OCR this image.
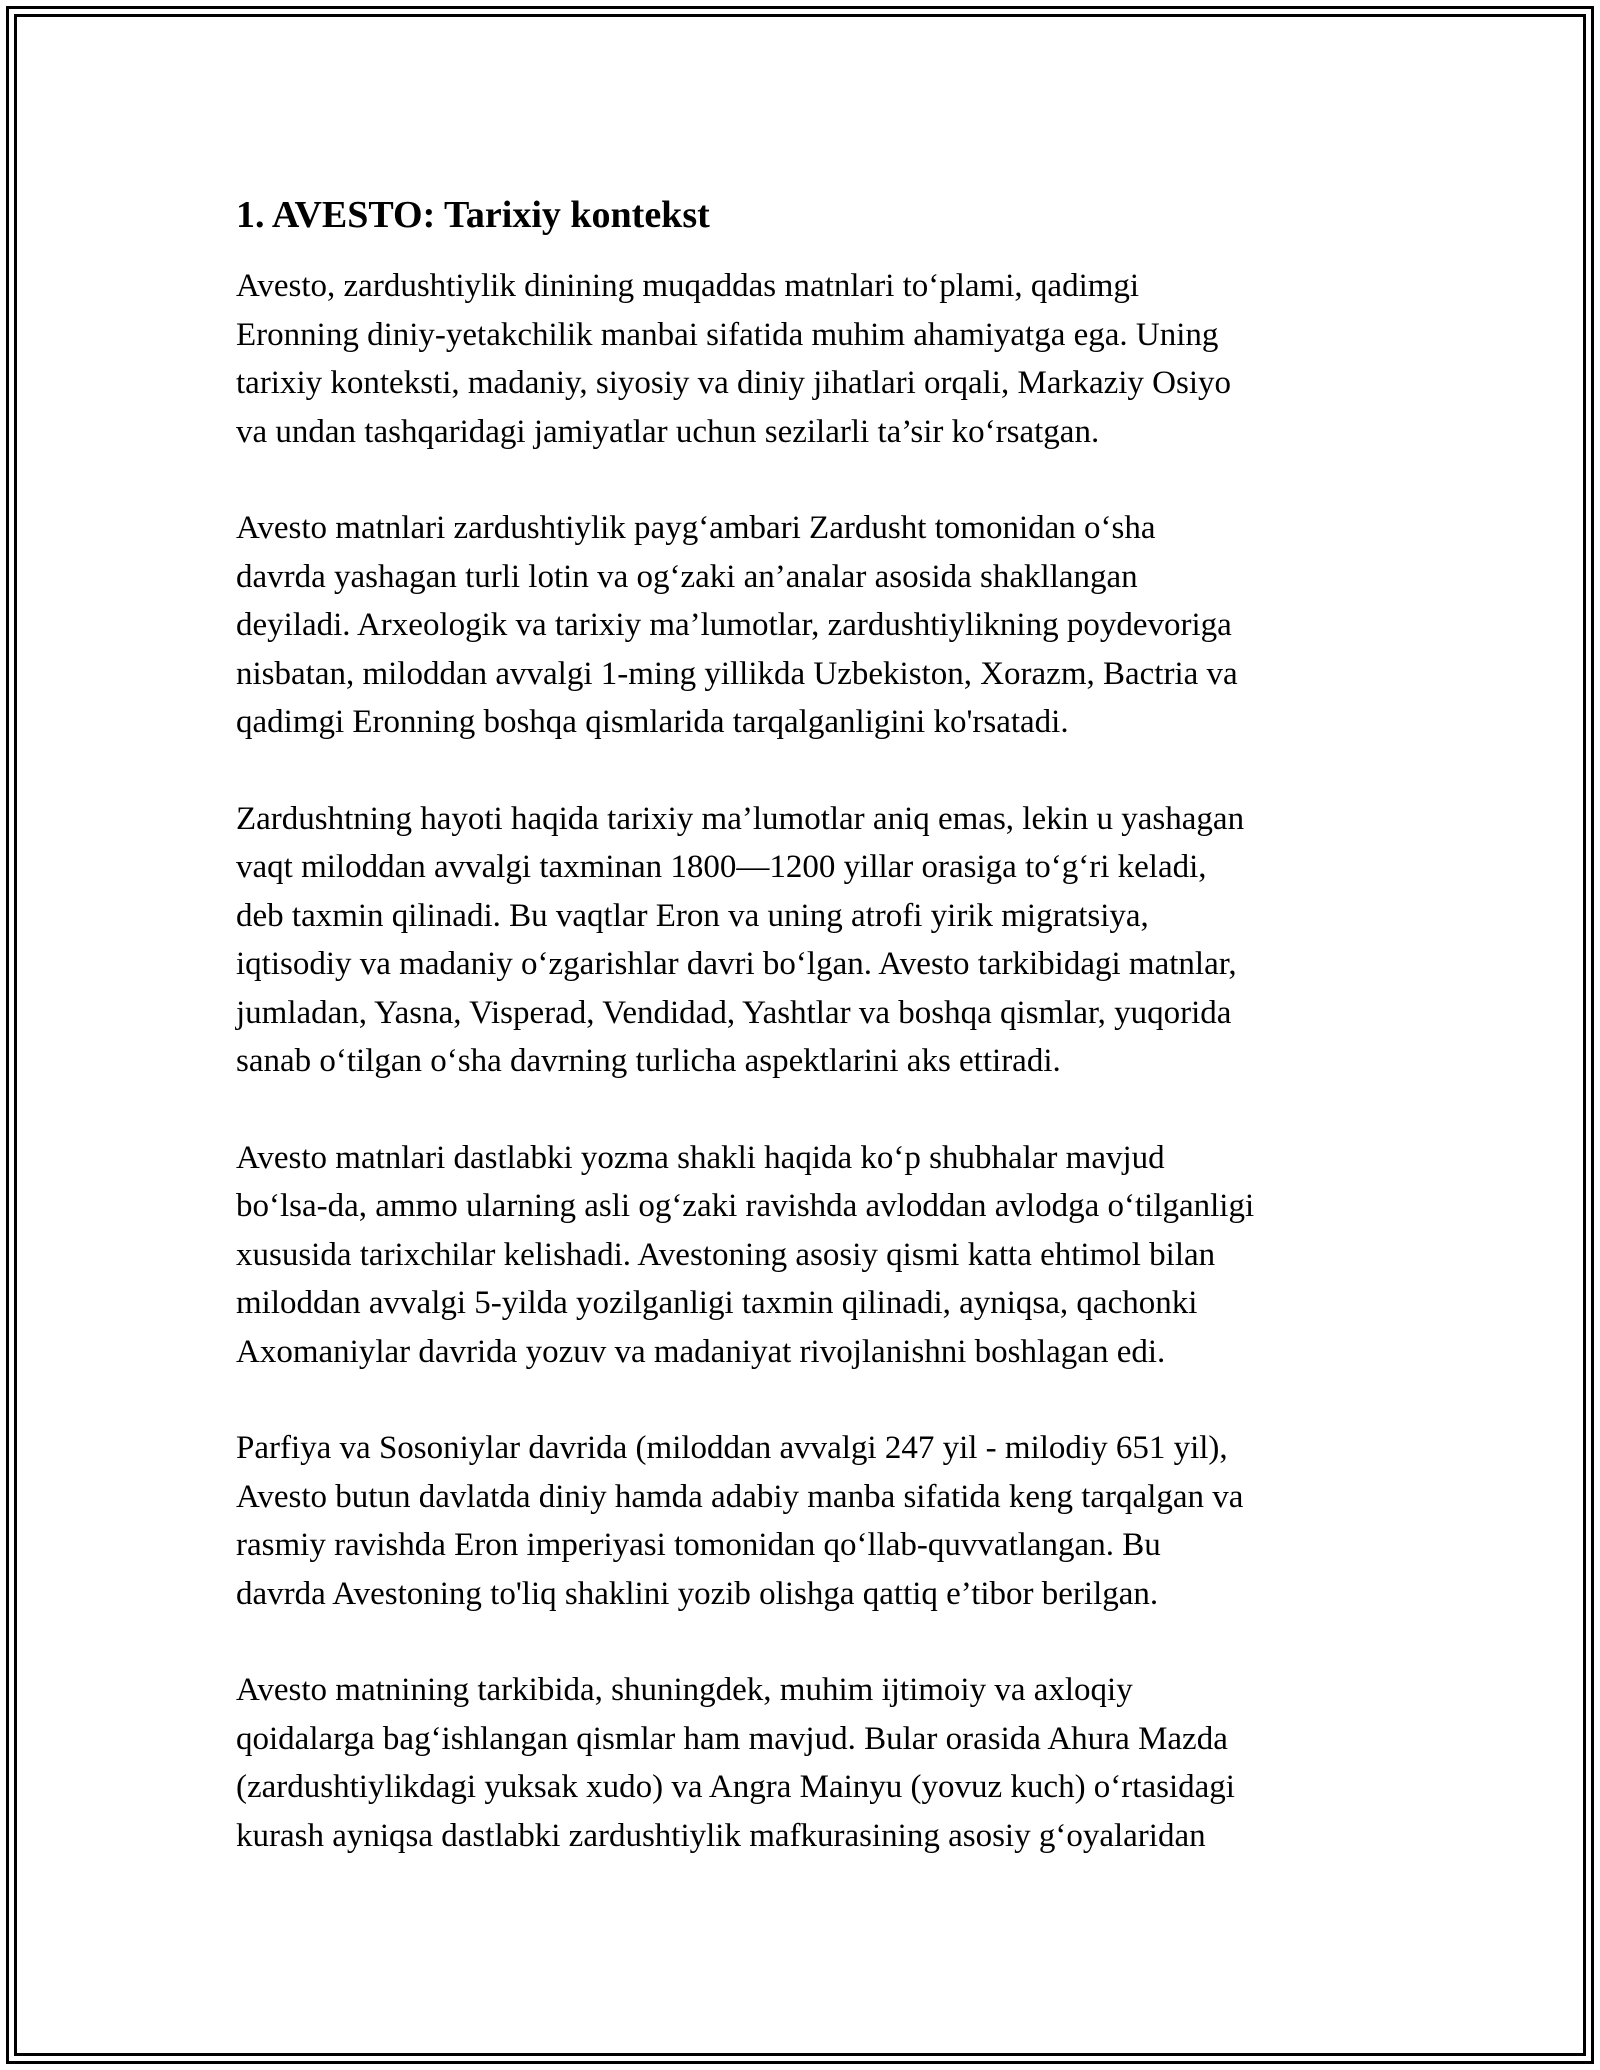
1. AVESTO: Tarixiy kontekst
Avesto, zardushtiylik dinining muqaddas matnlari to‘plami, qadimgi
Eronning diniy-yetakchilik manbai sifatida muhim ahamiyatga ega. Uning
tarixiy konteksti, madaniy, siyosiy va diniy jihatlari orqali, Markaziy Osiyo
va undan tashqaridagi jamiyatlar uchun sezilarli ta’sir ko‘rsatgan.
Avesto matnlari zardushtiylik payg‘ambari Zardusht tomonidan o‘sha
davrda yashagan turli lotin va og‘zaki an’analar asosida shakllangan
deyiladi. Arxeologik va tarixiy ma’lumotlar, zardushtiylikning poydevoriga
nisbatan, miloddan avvalgi 1-ming yillikda Uzbekiston, Xorazm, Bactria va
qadimgi Eronning boshqa qismlarida tarqalganligini ko'rsatadi.
Zardushtning hayoti haqida tarixiy ma’lumotlar aniq emas, lekin u yashagan
vaqt miloddan avvalgi taxminan 1800—1200 yillar orasiga to‘g‘ri keladi,
deb taxmin qilinadi. Bu vaqtlar Eron va uning atrofi yirik migratsiya,
iqtisodiy va madaniy o‘zgarishlar davri bo‘lgan. Avesto tarkibidagi matnlar,
jumladan, Yasna, Visperad, Vendidad, Yashtlar va boshqa qismlar, yuqorida
sanab o‘tilgan o‘sha davrning turlicha aspektlarini aks ettiradi.
Avesto matnlari dastlabki yozma shakli haqida ko‘p shubhalar mavjud
bo‘lsa-da, ammo ularning asli og‘zaki ravishda avloddan avlodga o‘tilganligi
xususida tarixchilar kelishadi. Avestoning asosiy qismi katta ehtimol bilan
miloddan avvalgi 5-yilda yozilganligi taxmin qilinadi, ayniqsa, qachonki
Axomaniylar davrida yozuv va madaniyat rivojlanishni boshlagan edi.
Parfiya va Sosoniylar davrida (miloddan avvalgi 247 yil - milodiy 651 yil),
Avesto butun davlatda diniy hamda adabiy manba sifatida keng tarqalgan va
rasmiy ravishda Eron imperiyasi tomonidan qo‘llab-quvvatlangan. Bu
davrda Avestoning to'liq shaklini yozib olishga qattiq e’tibor berilgan.
Avesto matnining tarkibida, shuningdek, muhim ijtimoiy va axloqiy
qoidalarga bag‘ishlangan qismlar ham mavjud. Bular orasida Ahura Mazda
(zardushtiylikdagi yuksak xudo) va Angra Mainyu (yovuz kuch) o‘rtasidagi
kurash ayniqsa dastlabki zardushtiylik mafkurasining asosiy g‘oyalaridan
